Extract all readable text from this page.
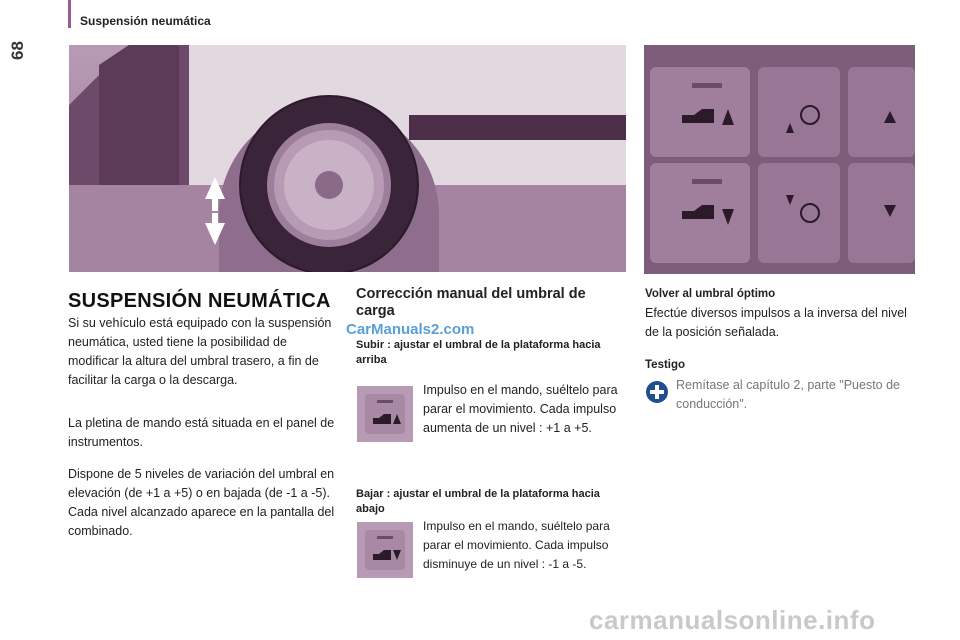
68
Suspensión neumática
SUSPENSIÓN NEUMÁTICA
Si su vehículo está equipado con la suspensión neumática, usted tiene la posibilidad de modificar la altura del umbral trasero, a fin de facilitar la carga o la descarga.
La pletina de mando está situada en el panel de instrumentos.
Dispone de 5 niveles de variación del umbral en elevación (de +1 a +5) o en bajada (de -1 a -5). Cada nivel alcanzado aparece en la pantalla del combinado.
CarManuals2.com
Corrección manual del umbral de carga
Subir : ajustar el umbral de la plataforma hacia arriba
Impulso en el mando, suéltelo para parar el movimiento. Cada impulso aumenta de un nivel : +1 a +5.
Bajar : ajustar el umbral de la plataforma hacia abajo
Impulso en el mando, suéltelo para parar el movimiento. Cada impulso disminuye de un nivel : -1 a -5.
Volver al umbral óptimo
Efectúe diversos impulsos a la inversa del nivel de la posición señalada.
Testigo
Remítase al capítulo 2, parte "Puesto de conducción".
carmanualsonline.info
